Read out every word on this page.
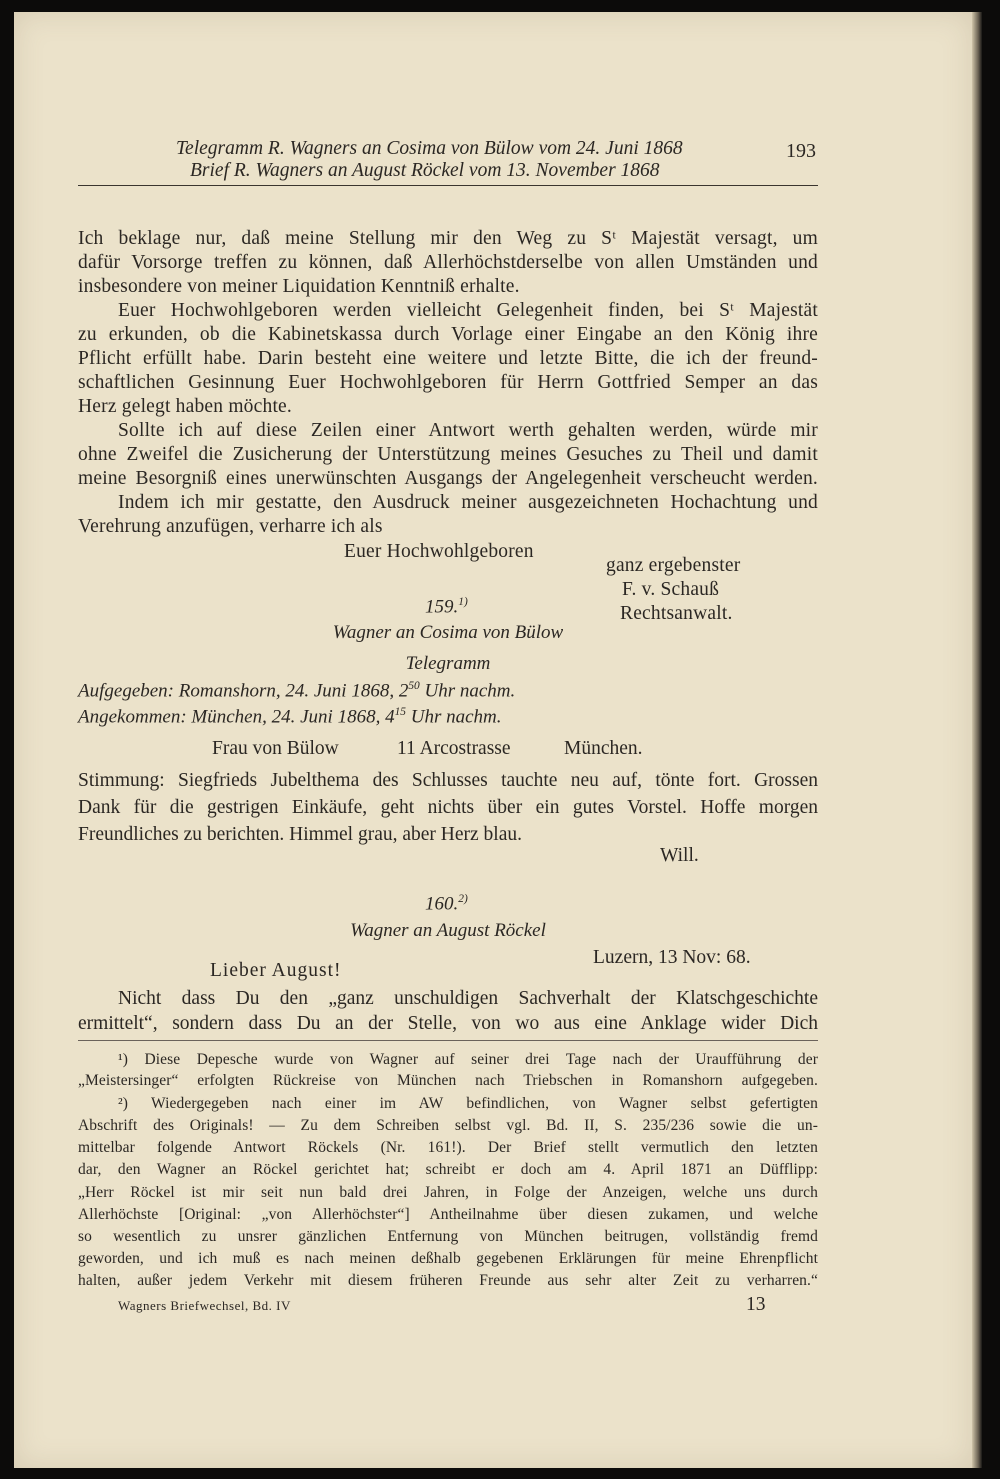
Telegramm R. Wagners an Cosima von Bülow vom 24. Juni 1868
Brief R. Wagners an August Röckel vom 13. November 1868
193
Ich beklage nur, daß meine Stellung mir den Weg zu Sᵗ Majestät versagt, um
dafür Vorsorge treffen zu können, daß Allerhöchstderselbe von allen Umständen und
insbesondere von meiner Liquidation Kenntniß erhalte.
Euer Hochwohlgeboren werden vielleicht Gelegenheit finden, bei Sᵗ Majestät
zu erkunden, ob die Kabinetskassa durch Vorlage einer Eingabe an den König ihre
Pflicht erfüllt habe. Darin besteht eine weitere und letzte Bitte, die ich der freund-
schaftlichen Gesinnung Euer Hochwohlgeboren für Herrn Gottfried Semper an das
Herz gelegt haben möchte.
Sollte ich auf diese Zeilen einer Antwort werth gehalten werden, würde mir
ohne Zweifel die Zusicherung der Unterstützung meines Gesuches zu Theil und damit
meine Besorgniß eines unerwünschten Ausgangs der Angelegenheit verscheucht werden.
Indem ich mir gestatte, den Ausdruck meiner ausgezeichneten Hochachtung und
Verehrung anzufügen, verharre ich als
Euer Hochwohlgeboren
ganz ergebenster
F. v. Schauß
Rechtsanwalt.
159.$^{1)}$
Wagner an Cosima von Bülow
Telegramm
Aufgegeben: Romanshorn, 24. Juni 1868, $2^{50}$ Uhr nachm.
Angekommen: München, 24. Juni 1868, $4^{15}$ Uhr nachm.
Frau von Bülow	11 Arcostrasse	München.
Stimmung: Siegfrieds Jubelthema des Schlusses tauchte neu auf, tönte fort. Grossen
Dank für die gestrigen Einkäufe, geht nichts über ein gutes Vorstel. Hoffe morgen
Freundliches zu berichten. Himmel grau, aber Herz blau.
Will.
160.$^{2)}$
Wagner an August Röckel
Luzern, 13 Nov: 68.
Lieber August!
Nicht dass Du den „ganz unschuldigen Sachverhalt der Klatschgeschichte
ermittelt“, sondern dass Du an der Stelle, von wo aus eine Anklage wider Dich
¹) Diese Depesche wurde von Wagner auf seiner drei Tage nach der Uraufführung der
„Meistersinger“ erfolgten Rückreise von München nach Triebschen in Romanshorn aufgegeben.
²) Wiedergegeben nach einer im AW befindlichen, von Wagner selbst gefertigten
Abschrift des Originals! — Zu dem Schreiben selbst vgl. Bd. II, S. 235/236 sowie die un-
mittelbar folgende Antwort Röckels (Nr. 161!). Der Brief stellt vermutlich den letzten
dar, den Wagner an Röckel gerichtet hat; schreibt er doch am 4. April 1871 an Düfflipp:
„Herr Röckel ist mir seit nun bald drei Jahren, in Folge der Anzeigen, welche uns durch
Allerhöchste [Original: „von Allerhöchster“] Antheilnahme über diesen zukamen, und welche
so wesentlich zu unsrer gänzlichen Entfernung von München beitrugen, vollständig fremd
geworden, und ich muß es nach meinen deßhalb gegebenen Erklärungen für meine Ehrenpflicht
halten, außer jedem Verkehr mit diesem früheren Freunde aus sehr alter Zeit zu verharren.“
Wagners Briefwechsel, Bd. IV	13
